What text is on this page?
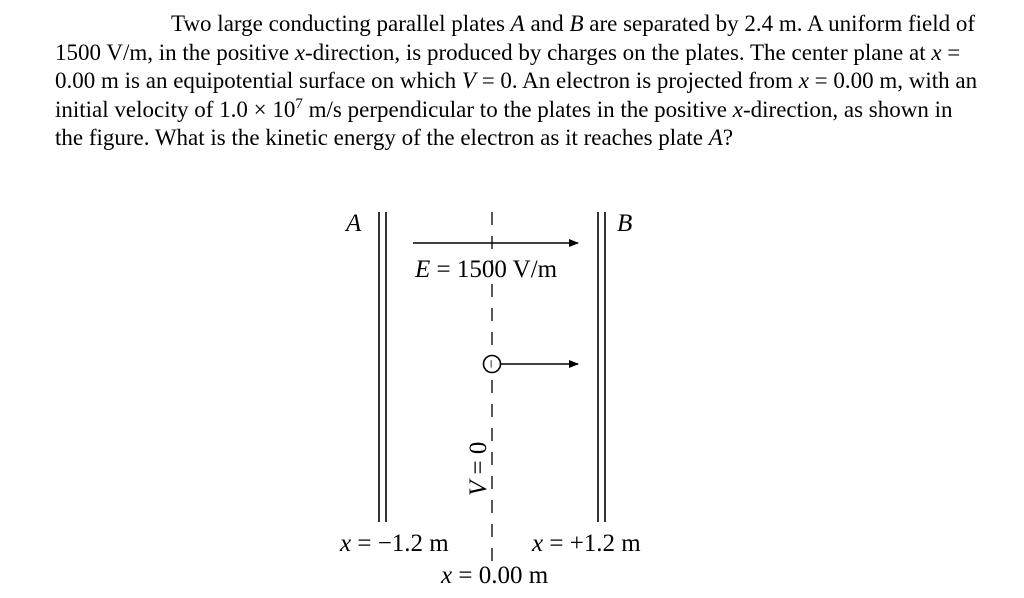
Two large conducting parallel plates A and B are separated by 2.4 m. A uniform field of 1500 V/m, in the positive x-direction, is produced by charges on the plates. The center plane at x = 0.00 m is an equipotential surface on which V = 0. An electron is projected from x = 0.00 m, with an initial velocity of $1.0 \times 10^7$ m/s perpendicular to the plates in the positive x-direction, as shown in the figure. What is the kinetic energy of the electron as it reaches plate A?

−
A	B
E = 1500 V/m
V = 0
x = −1.2 m	x = +1.2 m
x = 0.00 m
